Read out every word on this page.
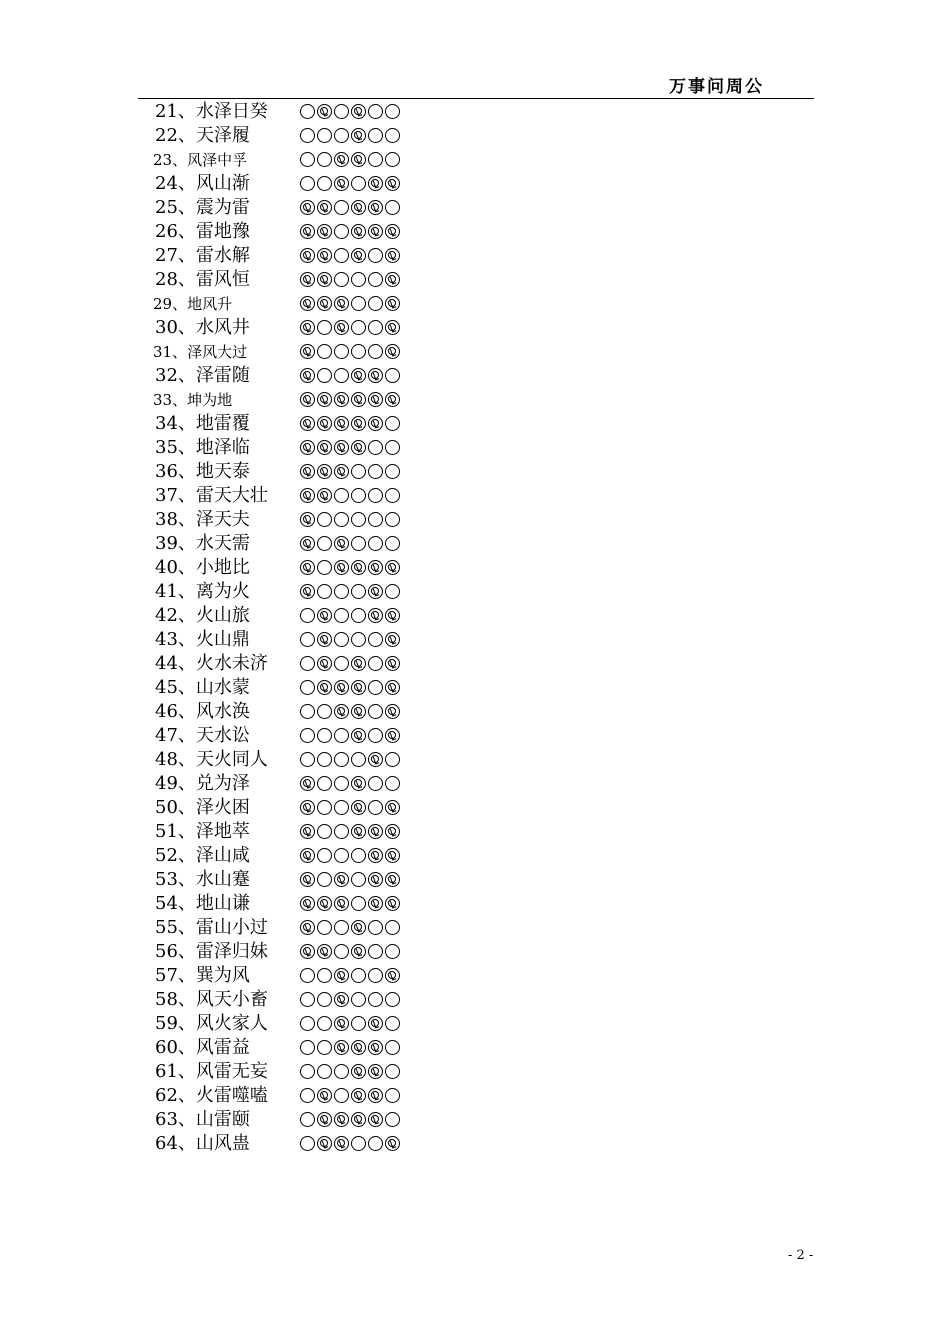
万事问周公
21、水泽日癸
22、天泽履
23、风泽中孚
24、风山渐
25、震为雷
26、雷地豫
27、雷水解
28、雷风恒
29、地风升
30、水风井
31、泽风大过
32、泽雷随
33、坤为地
34、地雷覆
35、地泽临
36、地天泰
37、雷天大壮
38、泽天夫
39、水天需
40、小地比
41、离为火
42、火山旅
43、火山鼎
44、火水未济
45、山水蒙
46、风水涣
47、天水讼
48、天火同人
49、兑为泽
50、泽火困
51、泽地萃
52、泽山咸
53、水山蹇
54、地山谦
55、雷山小过
56、雷泽归妹
57、巽为风
58、风天小畜
59、风火家人
60、风雷益
61、风雷无妄
62、火雷噬嗑
63、山雷颐
64、山风蛊
- 2 -
